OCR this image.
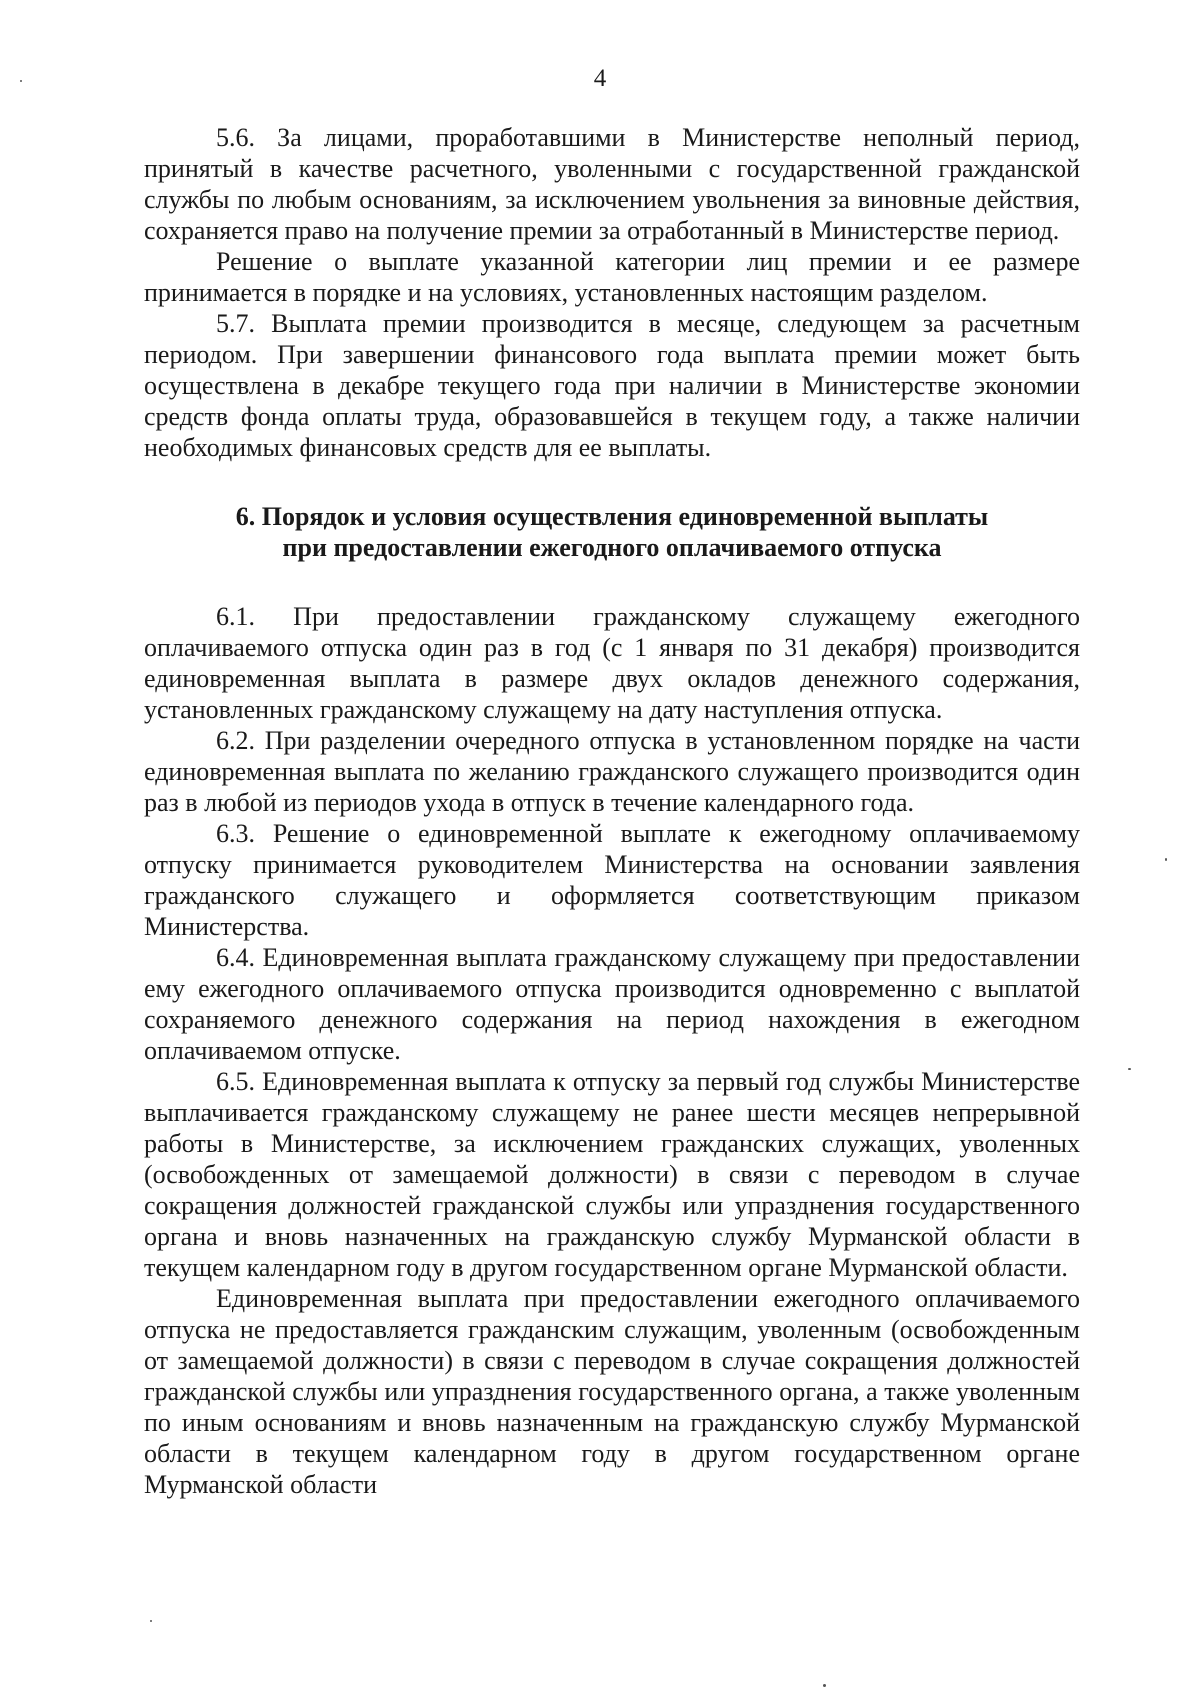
4

5.6. За лицами, проработавшими в Министерстве неполный период, принятый в качестве расчетного, уволенными с государственной гражданской службы по любым основаниям, за исключением увольнения за виновные действия, сохраняется право на получение премии за отработанный в Министерстве период.

Решение о выплате указанной категории лиц премии и ее размере принимается в порядке и на условиях, установленных настоящим разделом.

5.7. Выплата премии производится в месяце, следующем за расчетным периодом. При завершении финансового года выплата премии может быть осуществлена в декабре текущего года при наличии в Министерстве экономии средств фонда оплаты труда, образовавшейся в текущем году, а также наличии необходимых финансовых средств для ее выплаты.

6. Порядок и условия осуществления единовременной выплаты
при предоставлении ежегодного оплачиваемого отпуска

6.1. При предоставлении гражданскому служащему ежегодного оплачиваемого отпуска один раз в год (с 1 января по 31 декабря) производится единовременная выплата в размере двух окладов денежного содержания, установленных гражданскому служащему на дату наступления отпуска.

6.2. При разделении очередного отпуска в установленном порядке на части единовременная выплата по желанию гражданского служащего производится один раз в любой из периодов ухода в отпуск в течение календарного года.

6.3. Решение о единовременной выплате к ежегодному оплачиваемому отпуску принимается руководителем Министерства на основании заявления гражданского служащего и оформляется соответствующим приказом Министерства.

6.4. Единовременная выплата гражданскому служащему при предоставлении ему ежегодного оплачиваемого отпуска производится одновременно с выплатой сохраняемого денежного содержания на период нахождения в ежегодном оплачиваемом отпуске.

6.5. Единовременная выплата к отпуску за первый год службы Министерстве выплачивается гражданскому служащему не ранее шести месяцев непрерывной работы в Министерстве, за исключением гражданских служащих, уволенных (освобожденных от замещаемой должности) в связи с переводом в случае сокращения должностей гражданской службы или упразднения государственного органа и вновь назначенных на гражданскую службу Мурманской области в текущем календарном году в другом государственном органе Мурманской области.

Единовременная выплата при предоставлении ежегодного оплачиваемого отпуска не предоставляется гражданским служащим, уволенным (освобожденным от замещаемой должности) в связи с переводом в случае сокращения должностей гражданской службы или упразднения государственного органа, а также уволенным по иным основаниям и вновь назначенным на гражданскую службу Мурманской области в текущем календарном году в другом государственном органе Мурманской области
